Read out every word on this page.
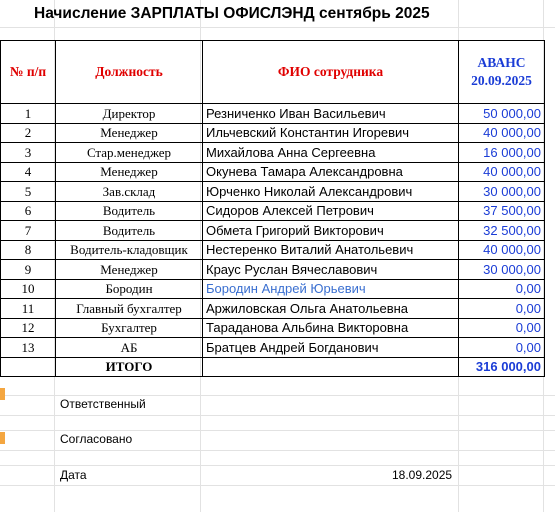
Начисление ЗАРПЛАТЫ ОФИСЛЭНД сентябрь 2025
№ п/п	Должность	ФИО сотрудника	АВАНС
20.09.2025
1	Директор	Резниченко Иван Васильевич	50 000,00
2	Менеджер	Ильчевский Константин Игоревич	40 000,00
3	Стар.менеджер	Михайлова Анна Сергеевна	16 000,00
4	Менеджер	Окунева Тамара Александровна	40 000,00
5	Зав.склад	Юрченко Николай Александрович	30 000,00
6	Водитель	Сидоров Алексей Петрович	37 500,00
7	Водитель	Обмета Григорий Викторович	32 500,00
8	Водитель-кладовщик	Нестеренко Виталий Анатольевич	40 000,00
9	Менеджер	Краус Руслан Вячеславович	30 000,00
10	Бородин	Бородин Андрей Юрьевич	0,00
11	Главный бухгалтер	Аржиловская Ольга Анатольевна	0,00
12	Бухгалтер	Тараданова Альбина Викторовна	0,00
13	АБ	Братцев Андрей Богданович	0,00
	ИТОГО		316 000,00
Ответственный
Согласовано
Дата	18.09.2025
